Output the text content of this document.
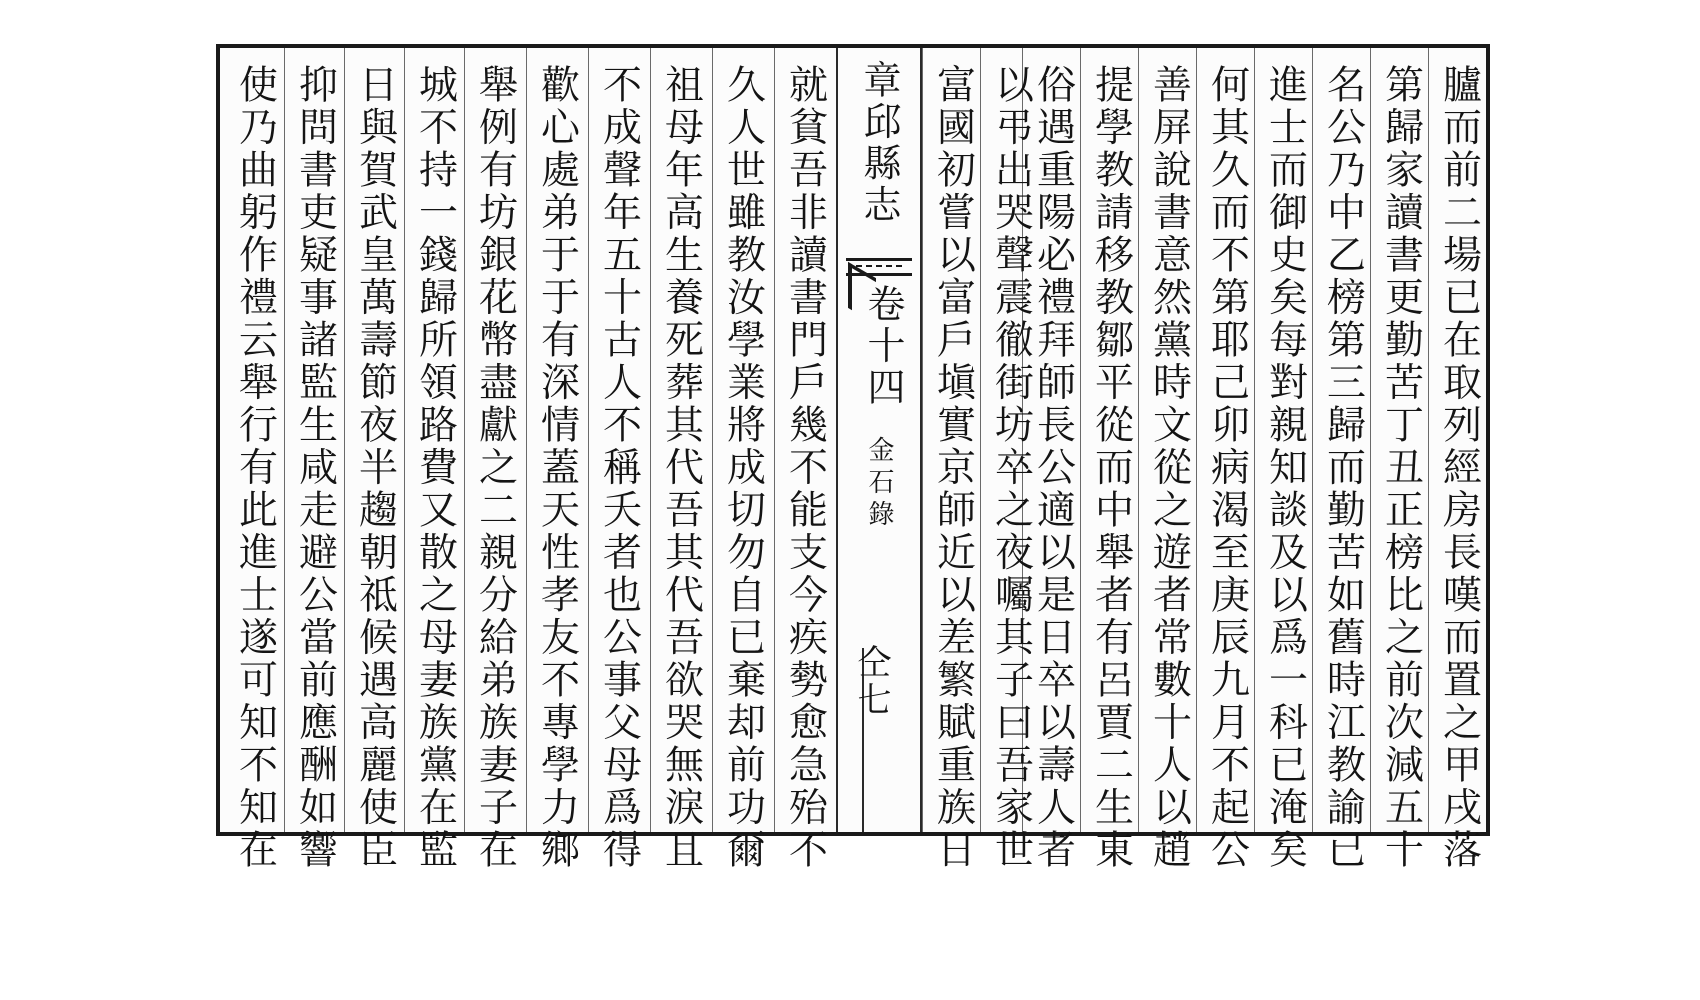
臚而前二場已在取列經房長嘆而置之甲戌落
第歸家讀書更勤苦丁丑正榜比之前次減五十
名公乃中乙榜第三歸而勤苦如舊時江教諭已
進士而御史矣每對親知談及以爲一科已淹矣
何其久而不第耶己卯病渴至庚辰九月不起公
善屏說書意然黨時文從之遊者常數十人以趙
提學教請移教鄒平從而中舉者有呂賈二生東
俗遇重陽必禮拜師長公適以是日卒以壽人者
以弔出哭聲震徹街坊卒之夜囑其子曰吾家世
富國初嘗以富戶塡實京師近以差繁賦重族日
章邱縣志
卷十四
金石錄
仝七
就貧吾非讀書門戶幾不能支今疾勢愈急殆不
久人世雖教汝學業將成切勿自已棄却前功爾
祖母年高生養死葬其代吾其代吾欲哭無淚且
不成聲年五十古人不稱夭者也公事父母爲得
歡心處弟于于有深情蓋天性孝友不專學力鄉
舉例有坊銀花幣盡獻之二親分給弟族妻子在
城不持一錢歸所領路費又散之母妻族黨在監
日與賀武皇萬壽節夜半趨朝祗候遇高麗使臣
抑問書吏疑事諸監生咸走避公當前應酬如響
使乃曲躬作禮云舉行有此進士遂可知不知在
